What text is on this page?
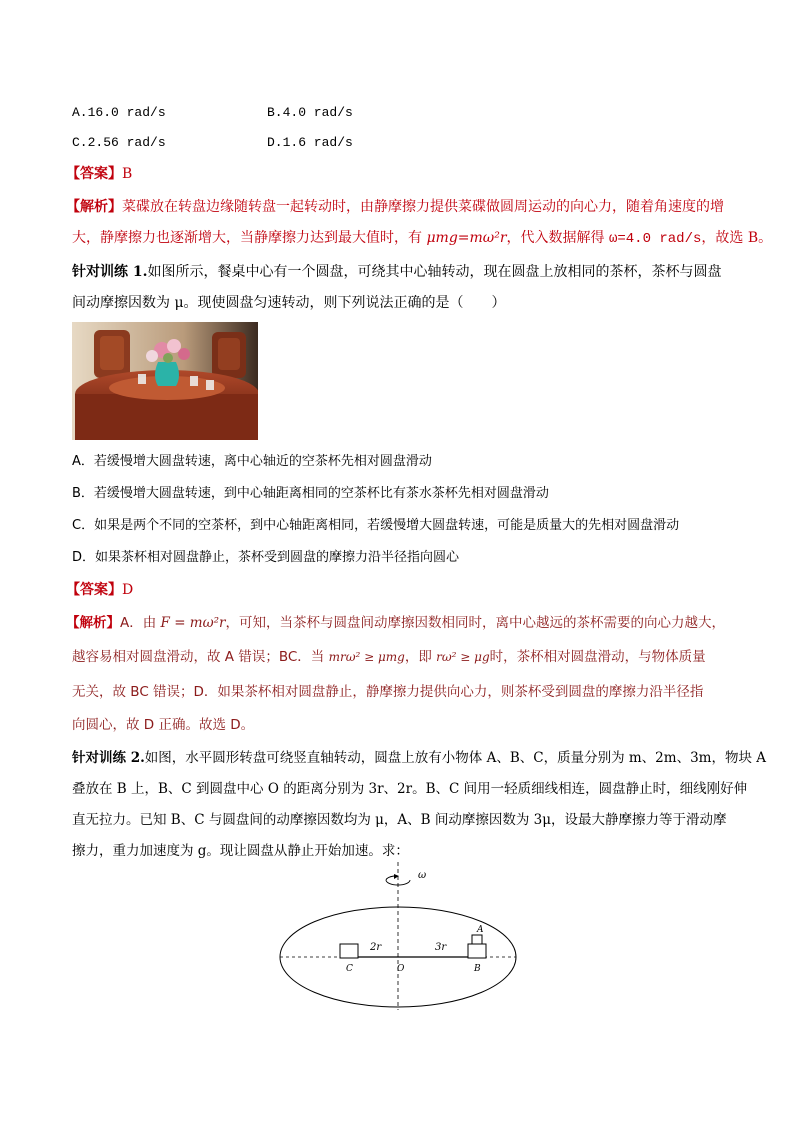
A.16.0 rad/s	B.4.0 rad/s
C.2.56 rad/s	D.1.6 rad/s
【答案】B
【解析】菜碟放在转盘边缘随转盘一起转动时，由静摩擦力提供菜碟做圆周运动的向心力，随着角速度的增
大，静摩擦力也逐渐增大，当静摩擦力达到最大值时，有 μmg=mω²r，代入数据解得 ω=4.0 rad/s，故选 B。
针对训练 1.如图所示，餐桌中心有一个圆盘，可绕其中心轴转动，现在圆盘上放相同的茶杯，茶杯与圆盘
间动摩擦因数为 μ。现使圆盘匀速转动，则下列说法正确的是（　　）
A．若缓慢增大圆盘转速，离中心轴近的空茶杯先相对圆盘滑动
B．若缓慢增大圆盘转速，到中心轴距离相同的空茶杯比有茶水茶杯先相对圆盘滑动
C．如果是两个不同的空茶杯，到中心轴距离相同，若缓慢增大圆盘转速，可能是质量大的先相对圆盘滑动
D．如果茶杯相对圆盘静止，茶杯受到圆盘的摩擦力沿半径指向圆心
【答案】D
【解析】A．由 F = mω²r，可知，当茶杯与圆盘间动摩擦因数相同时，离中心越远的茶杯需要的向心力越大，
越容易相对圆盘滑动，故 A 错误；BC．当 mrω² ≥ μmg，即 rω² ≥ μg时，茶杯相对圆盘滑动，与物体质量
无关，故 BC 错误；D．如果茶杯相对圆盘静止，静摩擦力提供向心力，则茶杯受到圆盘的摩擦力沿半径指
向圆心，故 D 正确。故选 D。
针对训练 2.如图，水平圆形转盘可绕竖直轴转动，圆盘上放有小物体 A、B、C，质量分别为 m、2m、3m，物块 A
叠放在 B 上，B、C 到圆盘中心 O 的距离分别为 3r、2r。B、C 间用一轻质细线相连，圆盘静止时，细线刚好伸
直无拉力。已知 B、C 与圆盘间的动摩擦因数均为 μ，A、B 间动摩擦因数为 3μ，设最大静摩擦力等于滑动摩
擦力，重力加速度为 g。现让圆盘从静止开始加速。求：
ω
2r	3r
A
B
C	O
